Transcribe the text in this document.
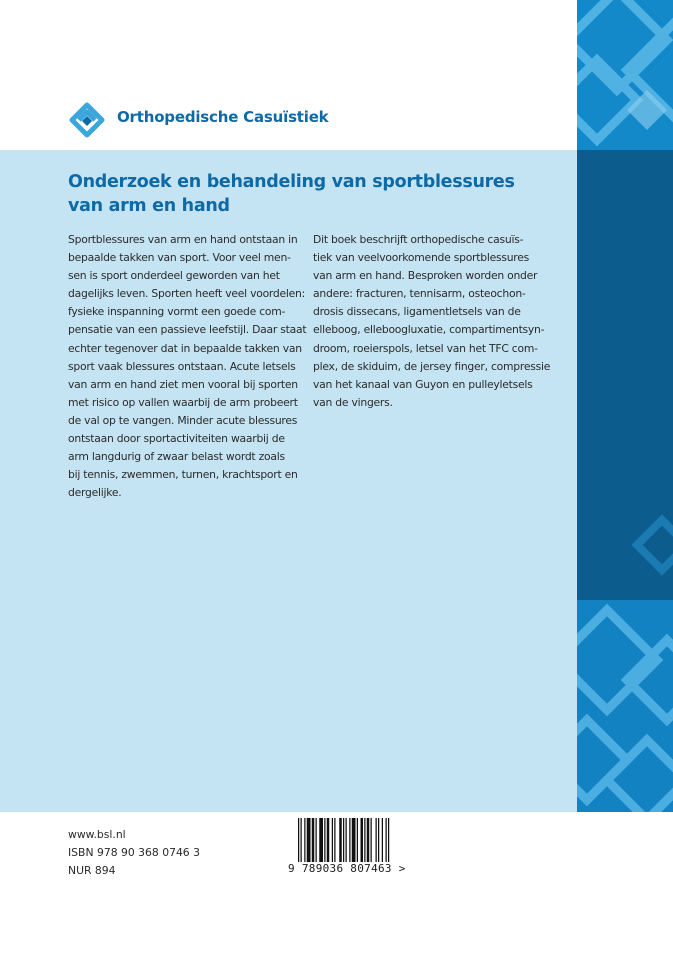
Orthopedische Casuïstiek
Onderzoek en behandeling van sportblessures van arm en hand
Sportblessures van arm en hand ontstaan in
bepaalde takken van sport. Voor veel men-
sen is sport onderdeel geworden van het
dagelijks leven. Sporten heeft veel voordelen:
fysieke inspanning vormt een goede com-
pensatie van een passieve leefstijl. Daar staat
echter tegenover dat in bepaalde takken van
sport vaak blessures ontstaan. Acute letsels
van arm en hand ziet men vooral bij sporten
met risico op vallen waarbij de arm probeert
de val op te vangen. Minder acute blessures
ontstaan door sportactiviteiten waarbij de
arm langdurig of zwaar belast wordt zoals
bij tennis, zwemmen, turnen, krachtsport en
dergelijke.
Dit boek beschrijft orthopedische casuïs-
tiek van veelvoorkomende sportblessures
van arm en hand. Besproken worden onder
andere: fracturen, tennisarm, osteochon-
drosis dissecans, ligamentletsels van de
elleboog, elleboogluxatie, compartimentsyn-
droom, roeierspols, letsel van het TFC com-
plex, de skiduim, de jersey finger, compressie
van het kanaal van Guyon en pulleyletsels
van de vingers.
www.bsl.nl
ISBN 978 90 368 0746 3
NUR 894	9 789036 807463 >
